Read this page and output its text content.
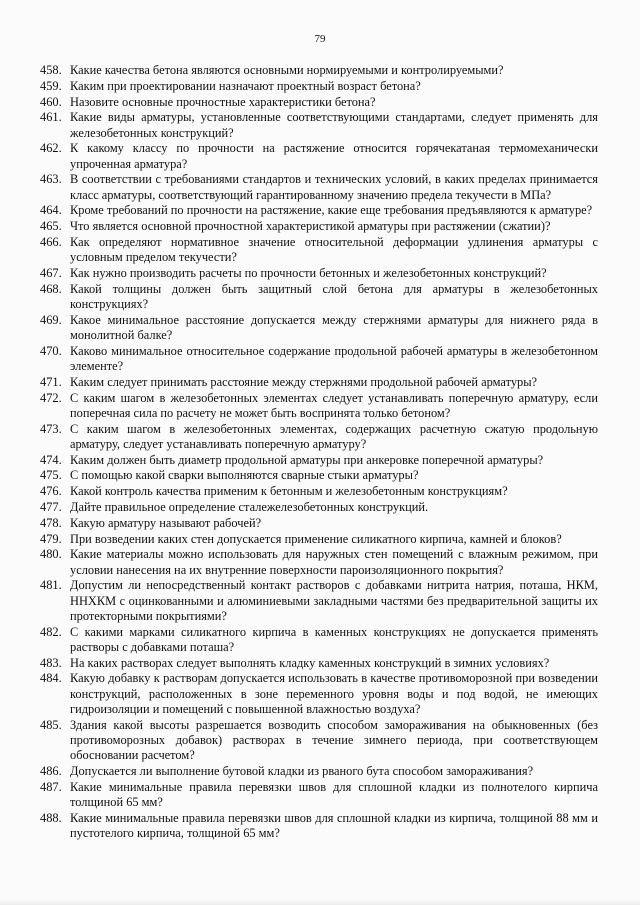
79
458. Какие качества бетона являются основными нормируемыми и контролируемыми?
459. Каким при проектировании назначают проектный возраст бетона?
460. Назовите основные прочностные характеристики бетона?
461. Какие виды арматуры, установленные соответствующими стандартами, следует применять для железобетонных конструкций?
462. К какому классу по прочности на растяжение относится горячекатаная термомеханически упроченная арматура?
463. В соответствии с требованиями стандартов и технических условий, в каких пределах принимается класс арматуры, соответствующий гарантированному значению предела текучести в МПа?
464. Кроме требований по прочности на растяжение, какие еще требования предъявляются к арматуре?
465. Что является основной прочностной характеристикой арматуры при растяжении (сжатии)?
466. Как определяют нормативное значение относительной деформации удлинения арматуры с условным пределом текучести?
467. Как нужно производить расчеты по прочности бетонных и железобетонных конструкций?
468. Какой толщины должен быть защитный слой бетона для арматуры в железобетонных конструкциях?
469. Какое минимальное расстояние допускается между стержнями арматуры для нижнего ряда в монолитной балке?
470. Каково минимальное относительное содержание продольной рабочей арматуры в железобетонном элементе?
471. Каким следует принимать расстояние между стержнями продольной рабочей арматуры?
472. С каким шагом в железобетонных элементах следует устанавливать поперечную арматуру, если поперечная сила по расчету не может быть воспринята только бетоном?
473. С каким шагом в железобетонных элементах, содержащих расчетную сжатую продольную арматуру, следует устанавливать поперечную арматуру?
474. Каким должен быть диаметр продольной арматуры при анкеровке поперечной арматуры?
475. С помощью какой сварки выполняются сварные стыки арматуры?
476. Какой контроль качества применим к бетонным и железобетонным конструкциям?
477. Дайте правильное определение сталежелезобетонных конструкций.
478. Какую арматуру называют рабочей?
479. При возведении каких стен допускается применение силикатного кирпича, камней и блоков?
480. Какие материалы можно использовать для наружных стен помещений с влажным режимом, при условии нанесения на их внутренние поверхности пароизоляционного покрытия?
481. Допустим ли непосредственный контакт растворов с добавками нитрита натрия, поташа, НКМ, ННХКМ с оцинкованными и алюминиевыми закладными частями без предварительной защиты их протекторными покрытиями?
482. С какими марками силикатного кирпича в каменных конструкциях не допускается применять растворы с добавками поташа?
483. На каких растворах следует выполнять кладку каменных конструкций в зимних условиях?
484. Какую добавку к растворам допускается использовать в качестве противоморозной при возведении конструкций, расположенных в зоне переменного уровня воды и под водой, не имеющих гидроизоляции и помещений с повышенной влажностью воздуха?
485. Здания какой высоты разрешается возводить способом замораживания на обыкновенных (без противоморозных добавок) растворах в течение зимнего периода, при соответствующем обосновании расчетом?
486. Допускается ли выполнение бутовой кладки из рваного бута способом замораживания?
487. Какие минимальные правила перевязки швов для сплошной кладки из полнотелого кирпича толщиной 65 мм?
488. Какие минимальные правила перевязки швов для сплошной кладки из кирпича, толщиной 88 мм и пустотелого кирпича, толщиной 65 мм?
